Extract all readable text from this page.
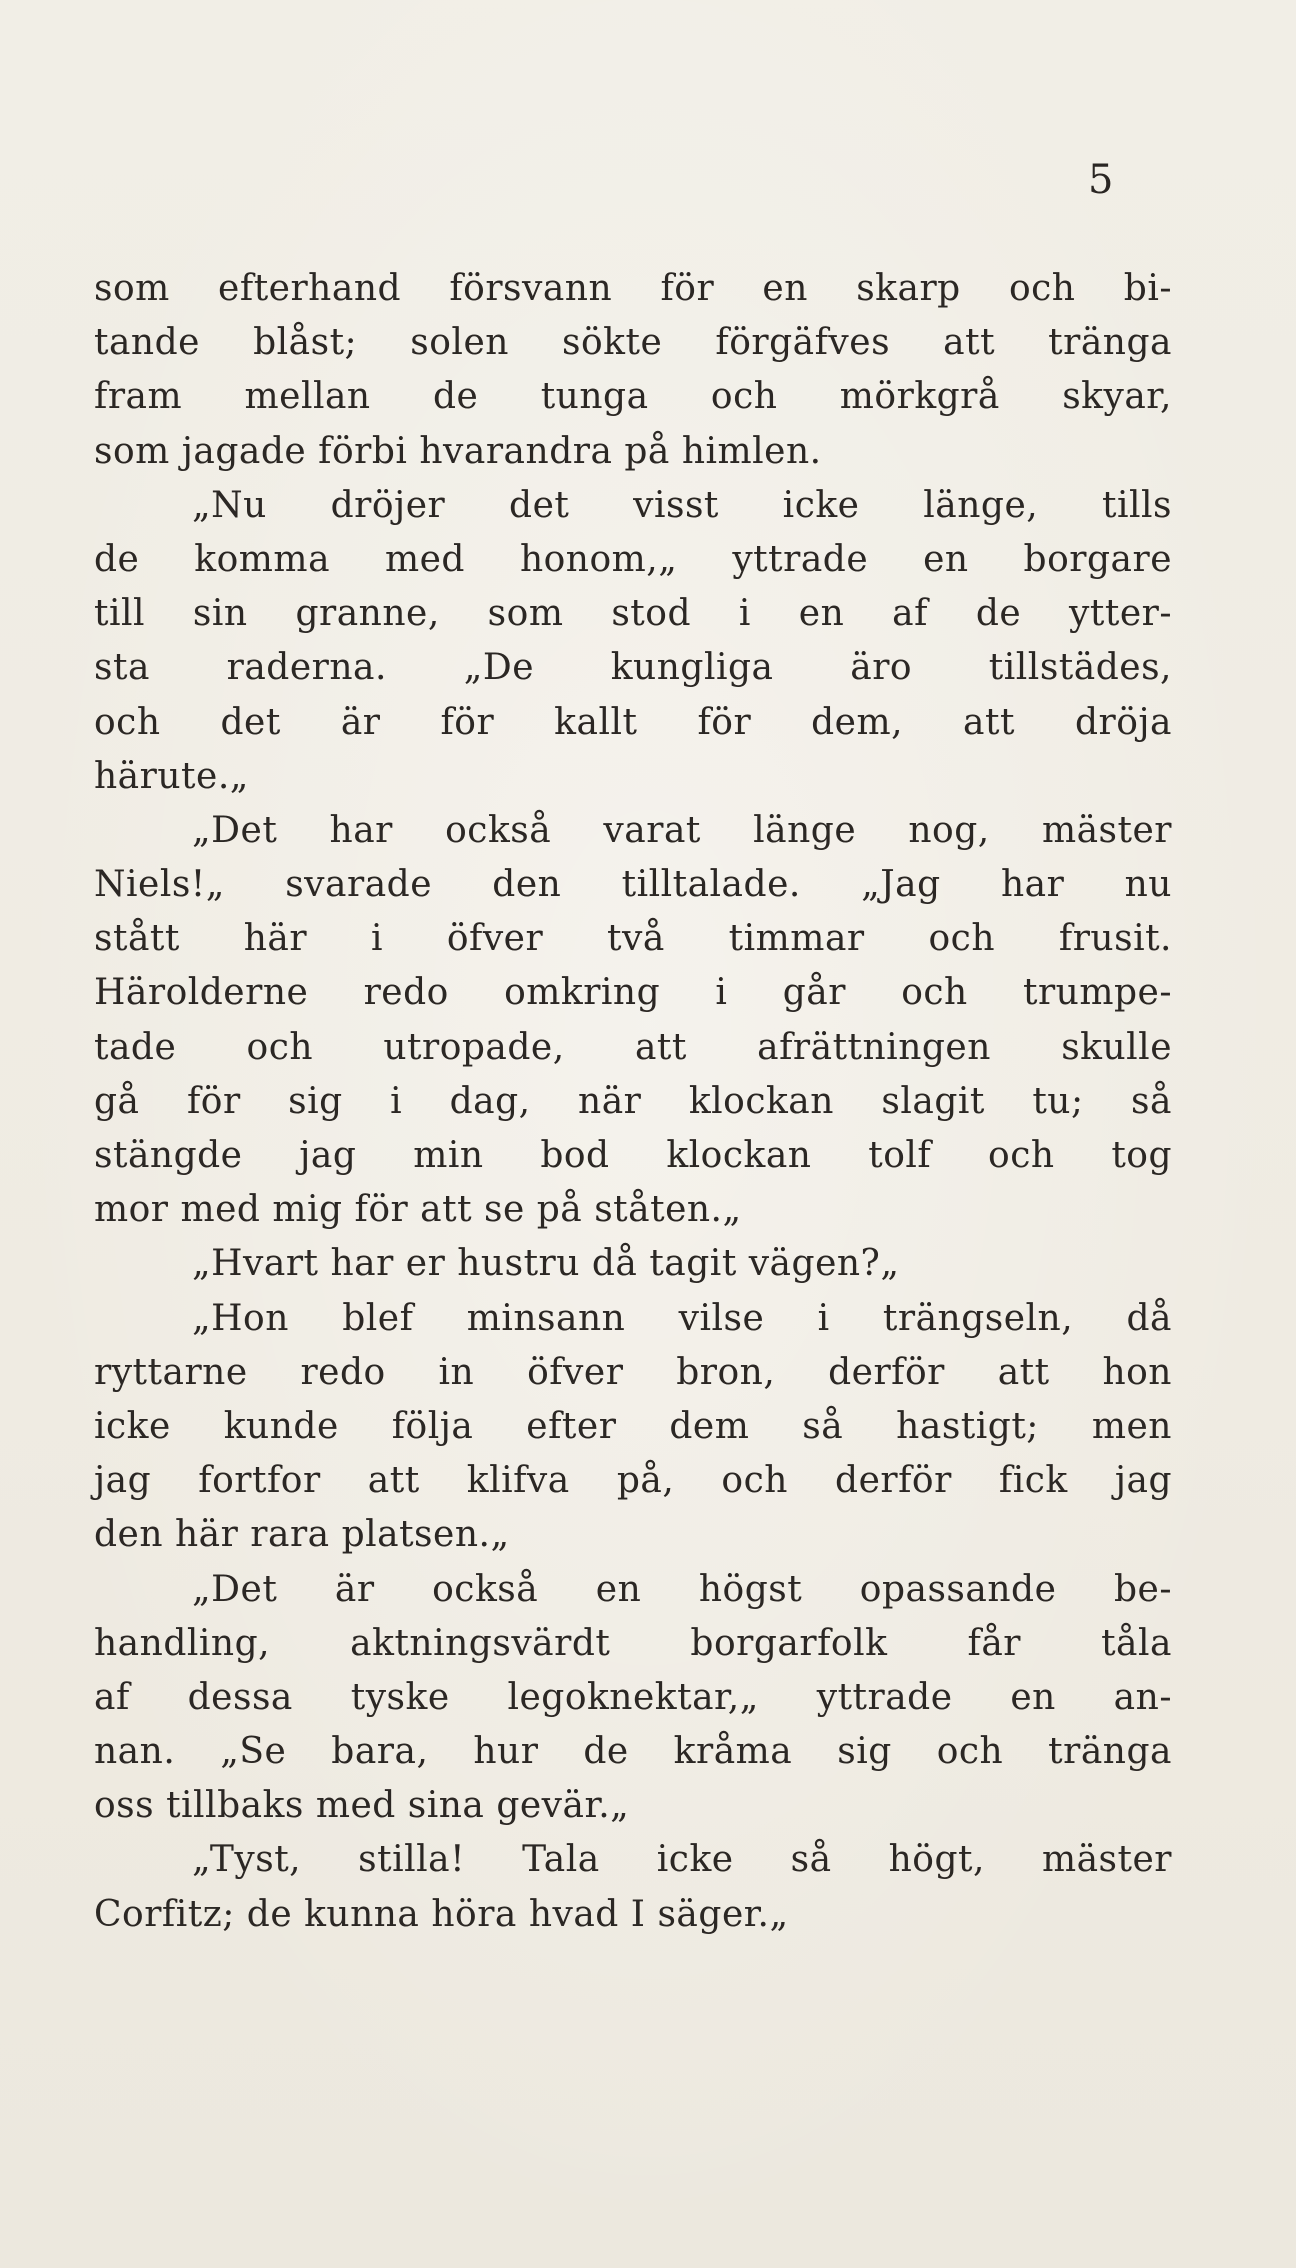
5
som efterhand försvann för en skarp och bi-
tande blåst; solen sökte förgäfves att tränga
fram mellan de tunga och mörkgrå skyar,
som jagade förbi hvarandra på himlen.
„Nu dröjer det visst icke länge, tills
de komma med honom,„ yttrade en borgare
till sin granne, som stod i en af de ytter-
sta raderna. „De kungliga äro tillstädes,
och det är för kallt för dem, att dröja
härute.„
„Det har också varat länge nog, mäster
Niels!„ svarade den tilltalade. „Jag har nu
stått här i öfver två timmar och frusit.
Härolderne redo omkring i går och trumpe-
tade och utropade, att afrättningen skulle
gå för sig i dag, när klockan slagit tu; så
stängde jag min bod klockan tolf och tog
mor med mig för att se på ståten.„
„Hvart har er hustru då tagit vägen?„
„Hon blef minsann vilse i trängseln, då
ryttarne redo in öfver bron, derför att hon
icke kunde följa efter dem så hastigt; men
jag fortfor att klifva på, och derför fick jag
den här rara platsen.„
„Det är också en högst opassande be-
handling, aktningsvärdt borgarfolk får tåla
af dessa tyske legoknektar,„ yttrade en an-
nan. „Se bara, hur de kråma sig och tränga
oss tillbaks med sina gevär.„
„Tyst, stilla! Tala icke så högt, mäster
Corfitz; de kunna höra hvad I säger.„
